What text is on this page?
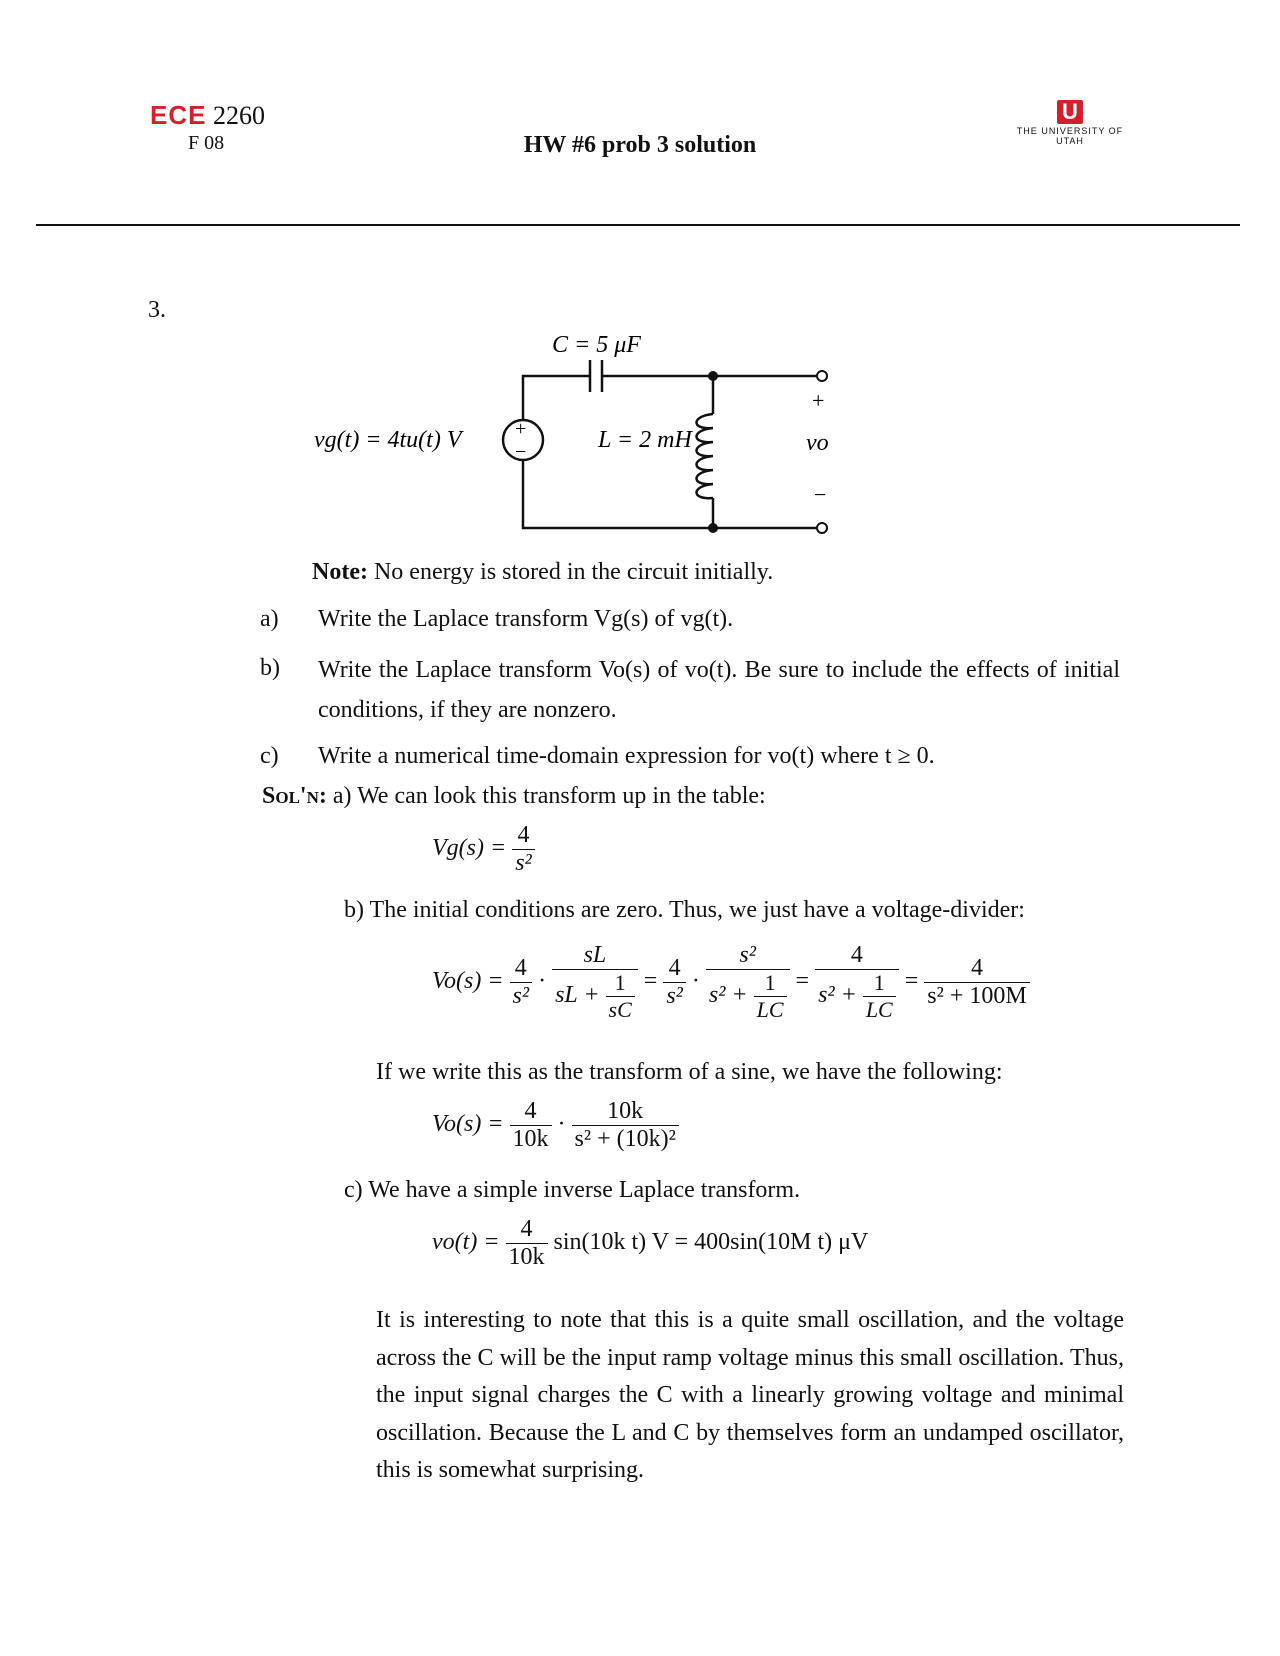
ECE 2260
F 08	HW #6 prob 3 solution
U
THE UNIVERSITY OF UTAH
3.
C = 5 μF
+
−
vg(t) = 4tu(t) V	L = 2 mH
+
vo
−
Note: No energy is stored in the circuit initially.
a) Write the Laplace transform Vg(s) of vg(t).
b) Write the Laplace transform Vo(s) of vo(t). Be sure to include the effects of initial conditions, if they are nonzero.
c) Write a numerical time-domain expression for vo(t) where t ≥ 0.
Sol'n: a) We can look this transform up in the table:
$Vg(s) = \frac{4}{\text{s²}}$
b) The initial conditions are zero. Thus, we just have a voltage-divider:
$Vo(s) = \frac{4}{\text{s²}} \cdot \frac{sL}{sL + \frac{1}{sC}} = \frac{4}{\text{s²}} \cdot \frac{\text{s²}}{s^2 + \frac{1}{LC}} = \frac{4}{s^2 + \frac{1}{LC}} = \frac{4}{\text{s² + 100M}}$
If we write this as the transform of a sine, we have the following:
$Vo(s) = \frac{4}{10k} \cdot \frac{10k}{\text{s² + (10k)²}}$
c) We have a simple inverse Laplace transform.
$vo(t) = \frac{4}{10k} \sin(10k$ t) V = 400sin(10M t) μV
It is interesting to note that this is a quite small oscillation, and the voltage across the C will be the input ramp voltage minus this small oscillation. Thus, the input signal charges the C with a linearly growing voltage and minimal oscillation. Because the L and C by themselves form an undamped oscillator, this is somewhat surprising.
